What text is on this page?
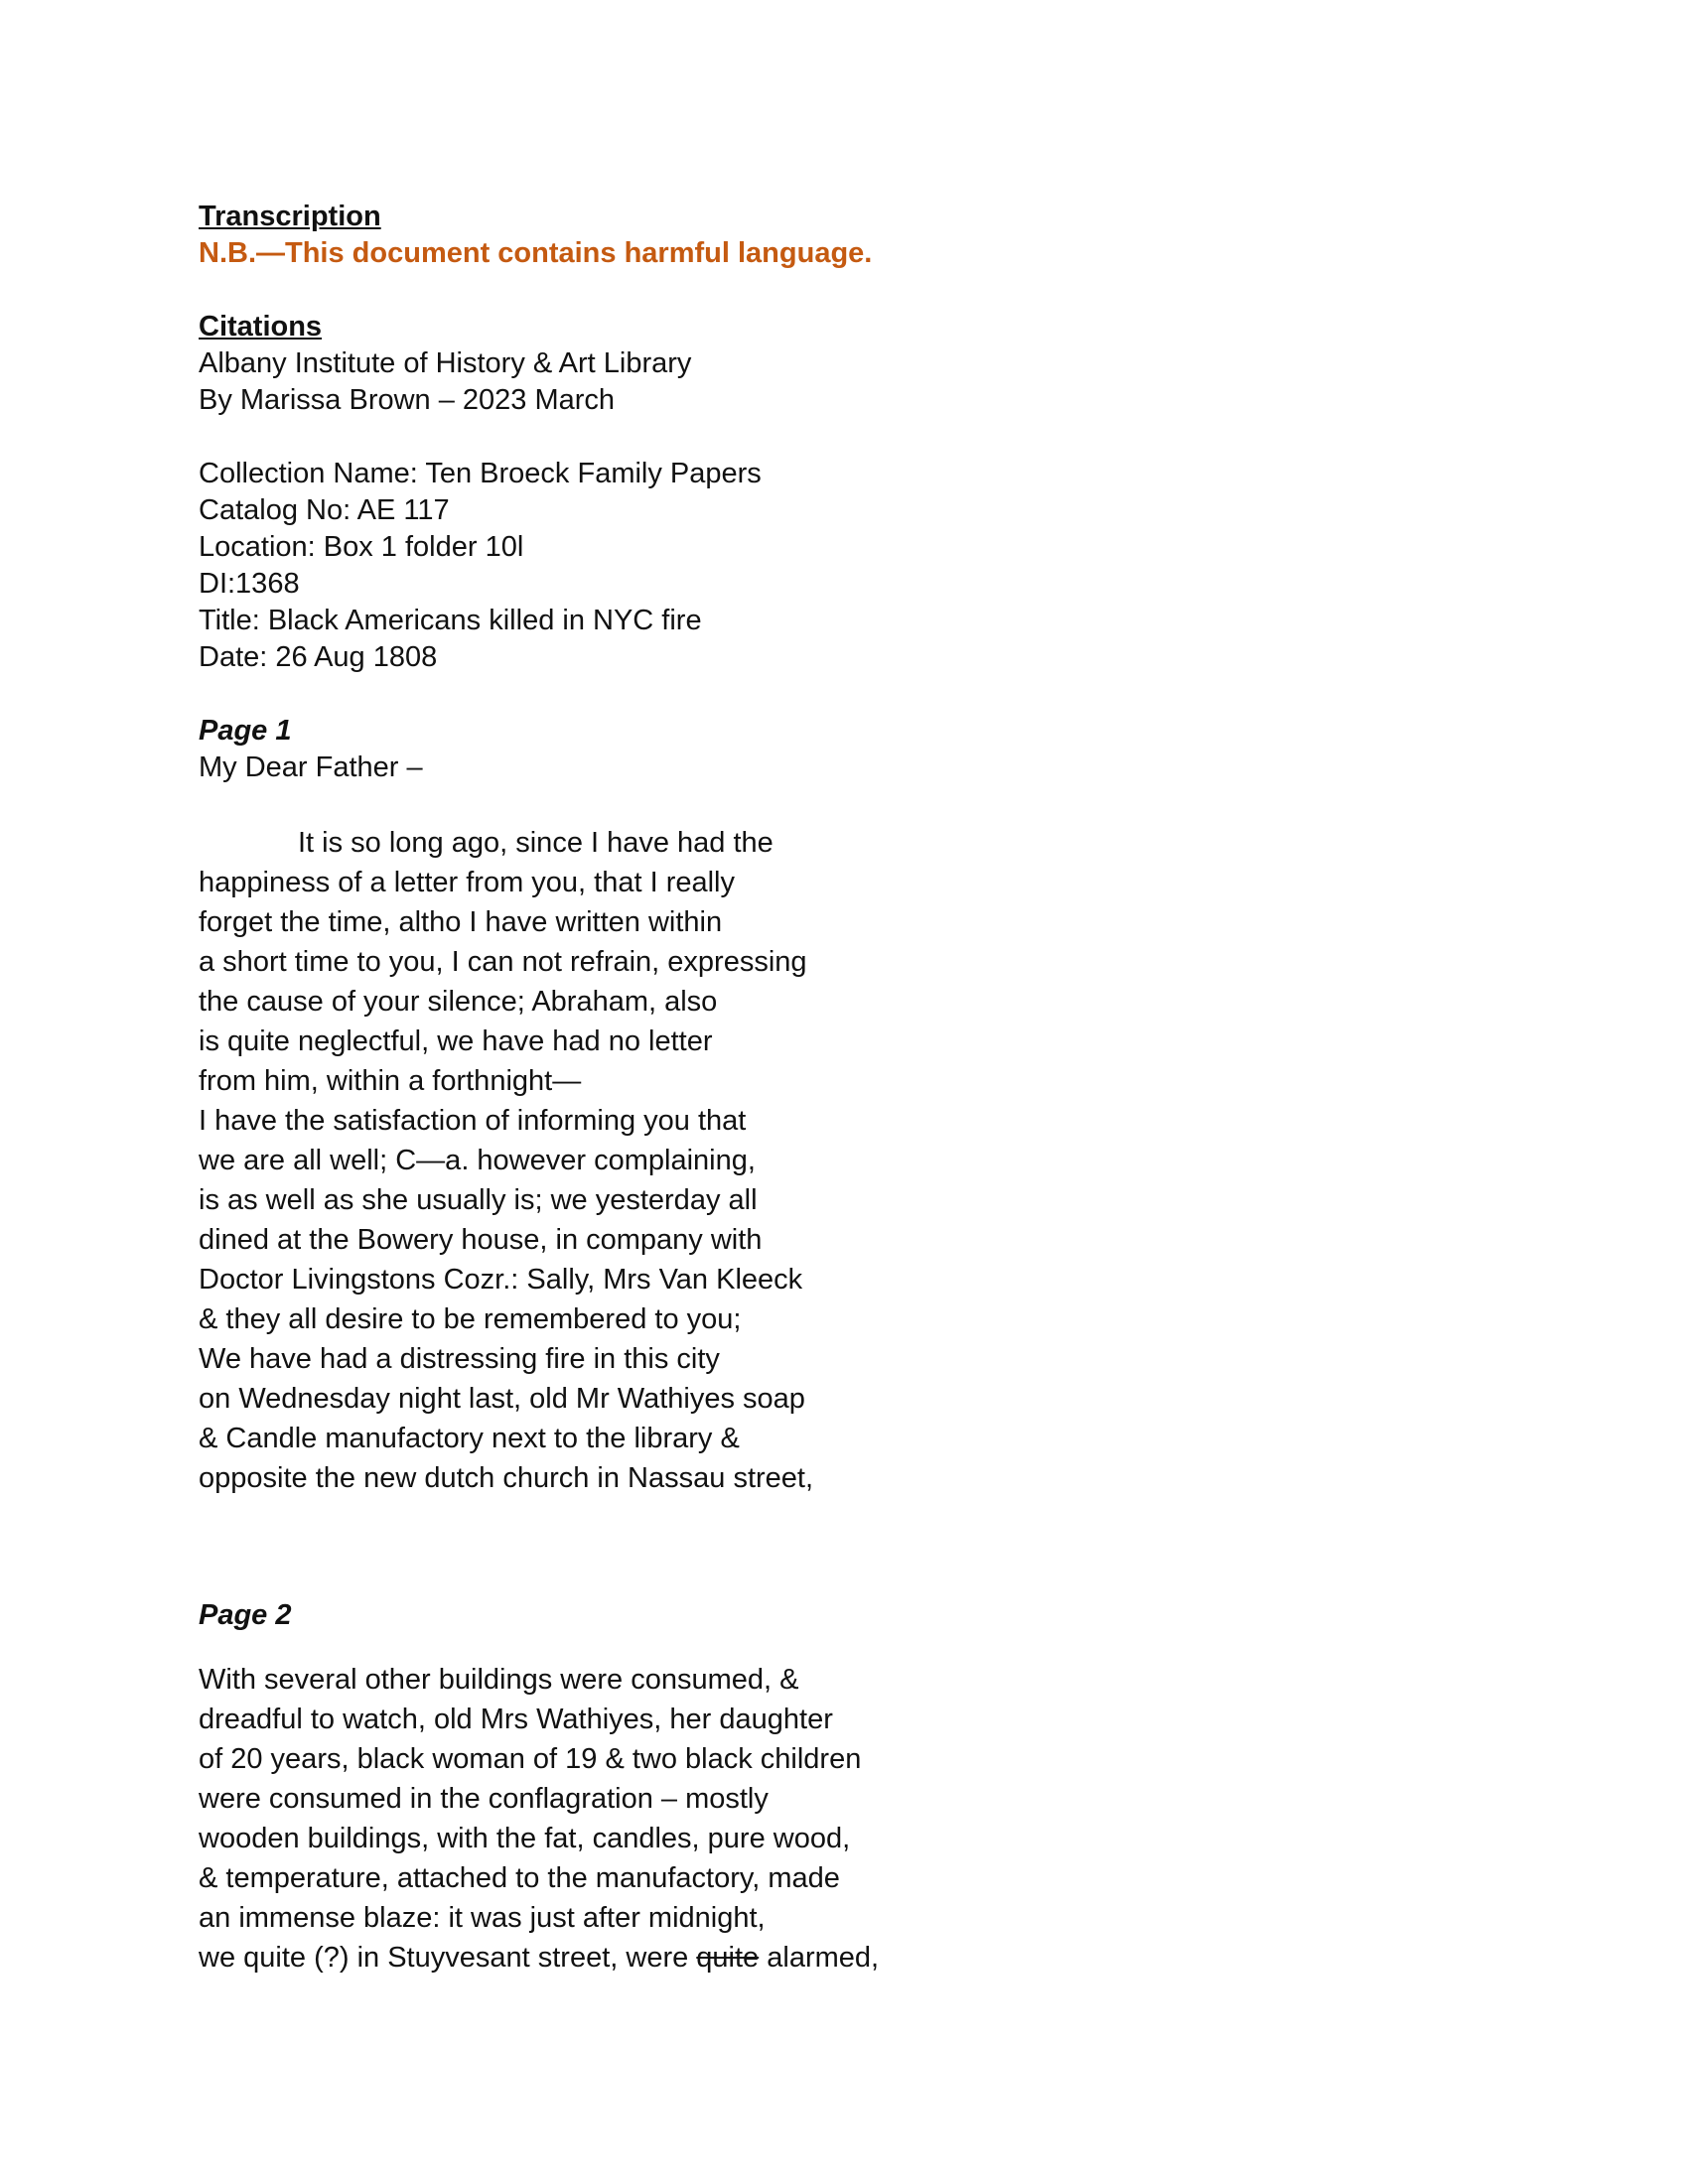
Transcription
N.B.—This document contains harmful language.
Citations
Albany Institute of History & Art Library
By Marissa Brown – 2023 March
Collection Name: Ten Broeck Family Papers
Catalog No: AE 117
Location: Box 1 folder 10l
DI:1368
Title: Black Americans killed in NYC fire
Date: 26 Aug 1808
Page 1
My Dear Father –
It is so long ago, since I have had the
happiness of a letter from you, that I really
forget the time, altho I have written within
a short time to you, I can not refrain, expressing
the cause of your silence; Abraham, also
is quite neglectful, we have had no letter
from him, within a forthnight—
I have the satisfaction of informing you that
we are all well; C—a. however complaining,
is as well as she usually is; we yesterday all
dined at the Bowery house, in company with
Doctor Livingstons Cozr.: Sally, Mrs Van Kleeck
& they all desire to be remembered to you;
We have had a distressing fire in this city
on Wednesday night last, old Mr Wathiyes soap
& Candle manufactory next to the library &
opposite the new dutch church in Nassau street,
Page 2
With several other buildings were consumed, &
dreadful to watch, old Mrs Wathiyes, her daughter
of 20 years, black woman of 19 & two black children
were consumed in the conflagration – mostly
wooden buildings, with the fat, candles, pure wood,
& temperature, attached to the manufactory, made
an immense blaze: it was just after midnight,
we quite (?) in Stuyvesant street, were quite alarmed,
